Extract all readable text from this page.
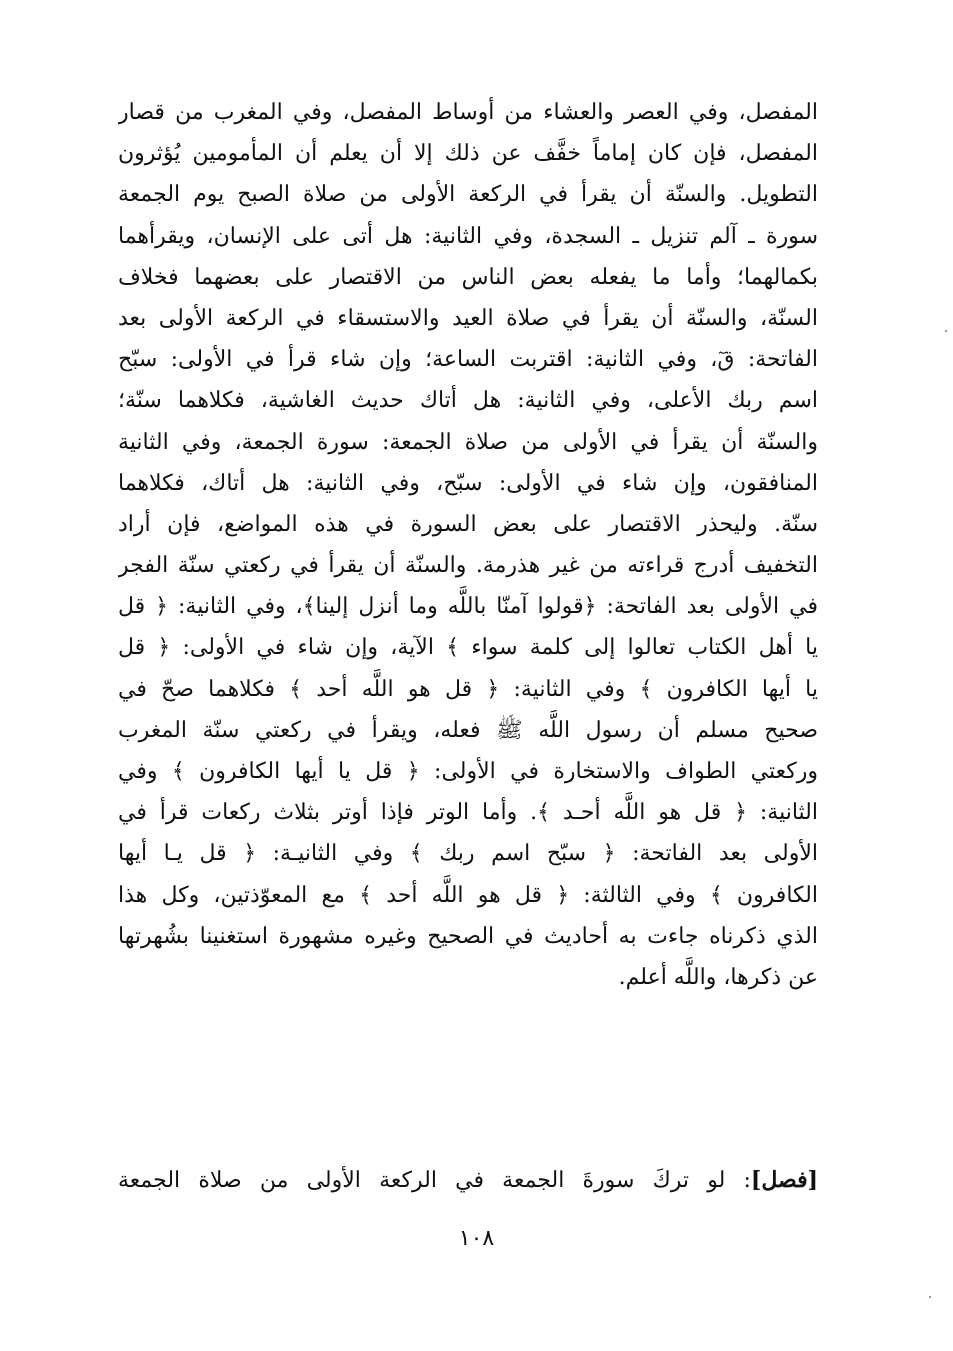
المفصل، وفي العصر والعشاء من أوساط المفصل، وفي المغرب من قصار
المفصل، فإن كان إماماً خفَّف عن ذلك إلا أن يعلم أن المأمومين يُؤثرون
التطويل. والسنّة أن يقرأ في الركعة الأولى من صلاة الصبح يوم الجمعة
سورة ـ آلم تنزيل ـ السجدة، وفي الثانية: هل أتى على الإنسان، ويقرأهما
بكمالهما؛ وأما ما يفعله بعض الناس من الاقتصار على بعضهما فخلاف
السنّة، والسنّة أن يقرأ في صلاة العيد والاستسقاء في الركعة الأولى بعد
الفاتحة: قٓ، وفي الثانية: اقتربت الساعة؛ وإن شاء قرأ في الأولى: سبّح
اسم ربك الأعلى، وفي الثانية: هل أتاك حديث الغاشية، فكلاهما سنّة؛
والسنّة أن يقرأ في الأولى من صلاة الجمعة: سورة الجمعة، وفي الثانية
المنافقون، وإن شاء في الأولى: سبّح، وفي الثانية: هل أتاك، فكلاهما
سنّة. وليحذر الاقتصار على بعض السورة في هذه المواضع، فإن أراد
التخفيف أدرج قراءته من غير هذرمة. والسنّة أن يقرأ في ركعتي سنّة الفجر
في الأولى بعد الفاتحة: ﴿قولوا آمنّا باللَّه وما أنزل إلينا﴾، وفي الثانية: ﴿ قل
يا أهل الكتاب تعالوا إلى كلمة سواء ﴾ الآية، وإن شاء في الأولى: ﴿ قل
يا أيها الكافرون ﴾ وفي الثانية: ﴿ قل هو اللَّه أحد ﴾ فكلاهما صحّ في
صحيح مسلم أن رسول اللَّه ﷺ فعله، ويقرأ في ركعتي سنّة المغرب
وركعتي الطواف والاستخارة في الأولى: ﴿ قل يا أيها الكافرون ﴾ وفي
الثانية: ﴿ قل هو اللَّه أحـد ﴾. وأما الوتر فإذا أوتر بثلاث ركعات قرأ في
الأولى بعد الفاتحة: ﴿ سبّح اسم ربك ﴾ وفي الثانيـة: ﴿ قل يـا أيها
الكافرون ﴾ وفي الثالثة: ﴿ قل هو اللَّه أحد ﴾ مع المعوّذتين، وكل هذا
الذي ذكرناه جاءت به أحاديث في الصحيح وغيره مشهورة استغنينا بشُهرتها
عن ذكرها، واللَّه أعلم.
[فصل]: لو تركَ سورةَ الجمعة في الركعة الأولى من صلاة الجمعة
١٠٨
